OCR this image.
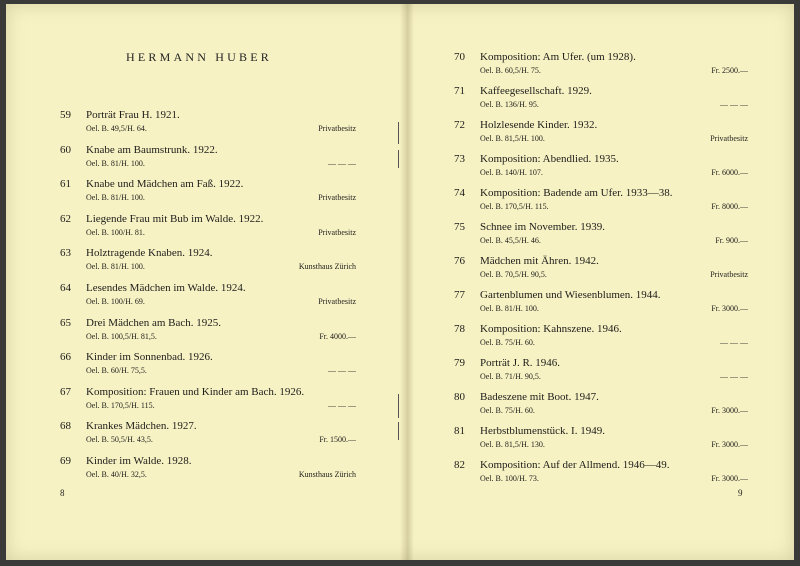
HERMANN HUBER
59 Porträt Frau H. 1921.
Oel. B. 49,5/H. 64.	Privatbesitz
60 Knabe am Baumstrunk. 1922.
Oel. B. 81/H. 100.	— — —
61 Knabe und Mädchen am Faß. 1922.
Oel. B. 81/H. 100.	Privatbesitz
62 Liegende Frau mit Bub im Walde. 1922.
Oel. B. 100/H. 81.	Privatbesitz
63 Holztragende Knaben. 1924.
Oel. B. 81/H. 100.	Kunsthaus Zürich
64 Lesendes Mädchen im Walde. 1924.
Oel. B. 100/H. 69.	Privatbesitz
65 Drei Mädchen am Bach. 1925.
Oel. B. 100,5/H. 81,5.	Fr. 4000.—
66 Kinder im Sonnenbad. 1926.
Oel. B. 60/H. 75,5.	— — —
67 Komposition: Frauen und Kinder am Bach. 1926.
Oel. B. 170,5/H. 115.	— — —
68 Krankes Mädchen. 1927.
Oel. B. 50,5/H. 43,5.	Fr. 1500.—
69 Kinder im Walde. 1928.
Oel. B. 40/H. 32,5.	Kunsthaus Zürich
8
70 Komposition: Am Ufer. (um 1928).
Oel. B. 60,5/H. 75.	Fr. 2500.—
71 Kaffeegesellschaft. 1929.
Oel. B. 136/H. 95.	— — —
72 Holzlesende Kinder. 1932.
Oel. B. 81,5/H. 100.	Privatbesitz
73 Komposition: Abendlied. 1935.
Oel. B. 140/H. 107.	Fr. 6000.—
74 Komposition: Badende am Ufer. 1933—38.
Oel. B. 170,5/H. 115.	Fr. 8000.—
75 Schnee im November. 1939.
Oel. B. 45,5/H. 46.	Fr. 900.—
76 Mädchen mit Ähren. 1942.
Oel. B. 70,5/H. 90,5.	Privatbesitz
77 Gartenblumen und Wiesenblumen. 1944.
Oel. B. 81/H. 100.	Fr. 3000.—
78 Komposition: Kahnszene. 1946.
Oel. B. 75/H. 60.	— — —
79 Porträt J. R. 1946.
Oel. B. 71/H. 90,5.	— — —
80 Badeszene mit Boot. 1947.
Oel. B. 75/H. 60.	Fr. 3000.—
81 Herbstblumenstück. I. 1949.
Oel. B. 81,5/H. 130.	Fr. 3000.—
82 Komposition: Auf der Allmend. 1946—49.
Oel. B. 100/H. 73.	Fr. 3000.—
9
